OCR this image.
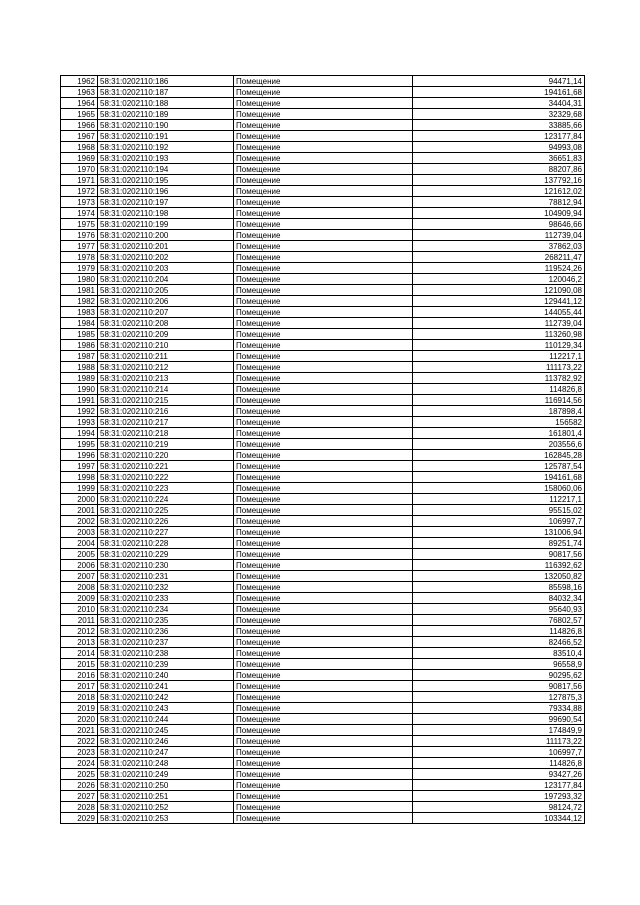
1962	58:31:0202110:186	Помещение	94471,14
1963	58:31:0202110:187	Помещение	194161,68
1964	58:31:0202110:188	Помещение	34404,31
1965	58:31:0202110:189	Помещение	32329,68
1966	58:31:0202110:190	Помещение	33885,66
1967	58:31:0202110:191	Помещение	123177,84
1968	58:31:0202110:192	Помещение	94993,08
1969	58:31:0202110:193	Помещение	36651,83
1970	58:31:0202110:194	Помещение	88207,86
1971	58:31:0202110:195	Помещение	137792,16
1972	58:31:0202110:196	Помещение	121612,02
1973	58:31:0202110:197	Помещение	78812,94
1974	58:31:0202110:198	Помещение	104909,94
1975	58:31:0202110:199	Помещение	98646,66
1976	58:31:0202110:200	Помещение	112739,04
1977	58:31:0202110:201	Помещение	37862,03
1978	58:31:0202110:202	Помещение	268211,47
1979	58:31:0202110:203	Помещение	119524,26
1980	58:31:0202110:204	Помещение	120046,2
1981	58:31:0202110:205	Помещение	121090,08
1982	58:31:0202110:206	Помещение	129441,12
1983	58:31:0202110:207	Помещение	144055,44
1984	58:31:0202110:208	Помещение	112739,04
1985	58:31:0202110:209	Помещение	113260,98
1986	58:31:0202110:210	Помещение	110129,34
1987	58:31:0202110:211	Помещение	112217,1
1988	58:31:0202110:212	Помещение	111173,22
1989	58:31:0202110:213	Помещение	113782,92
1990	58:31:0202110:214	Помещение	114826,8
1991	58:31:0202110:215	Помещение	116914,56
1992	58:31:0202110:216	Помещение	187898,4
1993	58:31:0202110:217	Помещение	156582
1994	58:31:0202110:218	Помещение	161801,4
1995	58:31:0202110:219	Помещение	203556,6
1996	58:31:0202110:220	Помещение	162845,28
1997	58:31:0202110:221	Помещение	125787,54
1998	58:31:0202110:222	Помещение	194161,68
1999	58:31:0202110:223	Помещение	158060,06
2000	58:31:0202110:224	Помещение	112217,1
2001	58:31:0202110:225	Помещение	95515,02
2002	58:31:0202110:226	Помещение	106997,7
2003	58:31:0202110:227	Помещение	131006,94
2004	58:31:0202110:228	Помещение	89251,74
2005	58:31:0202110:229	Помещение	90817,56
2006	58:31:0202110:230	Помещение	116392,62
2007	58:31:0202110:231	Помещение	132050,82
2008	58:31:0202110:232	Помещение	85598,16
2009	58:31:0202110:233	Помещение	84032,34
2010	58:31:0202110:234	Помещение	95640,93
2011	58:31:0202110:235	Помещение	76802,57
2012	58:31:0202110:236	Помещение	114826,8
2013	58:31:0202110:237	Помещение	82466,52
2014	58:31:0202110:238	Помещение	83510,4
2015	58:31:0202110:239	Помещение	96558,9
2016	58:31:0202110:240	Помещение	90295,62
2017	58:31:0202110:241	Помещение	90817,56
2018	58:31:0202110:242	Помещение	127875,3
2019	58:31:0202110:243	Помещение	79334,88
2020	58:31:0202110:244	Помещение	99690,54
2021	58:31:0202110:245	Помещение	174849,9
2022	58:31:0202110:246	Помещение	111173,22
2023	58:31:0202110:247	Помещение	106997,7
2024	58:31:0202110:248	Помещение	114826,8
2025	58:31:0202110:249	Помещение	93427,26
2026	58:31:0202110:250	Помещение	123177,84
2027	58:31:0202110:251	Помещение	197293,32
2028	58:31:0202110:252	Помещение	98124,72
2029	58:31:0202110:253	Помещение	103344,12
